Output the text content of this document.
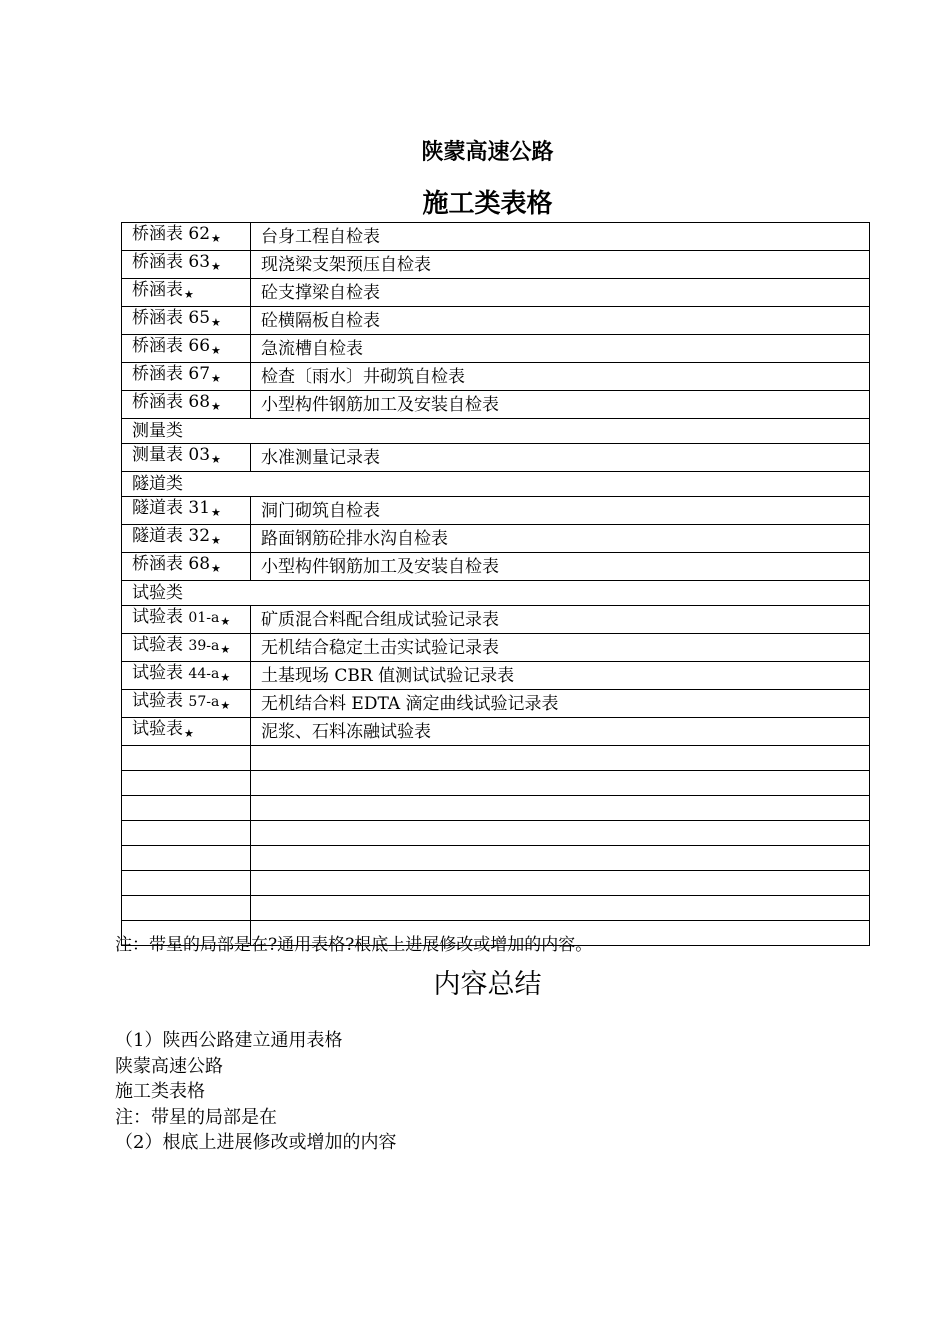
陕蒙高速公路
施工类表格
桥涵表 62★	台身工程自检表
桥涵表 63★	现浇梁支架预压自检表
桥涵表★	砼支撑梁自检表
桥涵表 65★	砼横隔板自检表
桥涵表 66★	急流槽自检表
桥涵表 67★	检查〔雨水〕井砌筑自检表
桥涵表 68★	小型构件钢筋加工及安装自检表
测量类	
测量表 03★	水准测量记录表
隧道类	
隧道表 31★	洞门砌筑自检表
隧道表 32★	路面钢筋砼排水沟自检表
桥涵表 68★	小型构件钢筋加工及安装自检表
试验类	
试验表 01-a★	矿质混合料配合组成试验记录表
试验表 39-a★	无机结合稳定土击实试验记录表
试验表 44-a★	土基现场 CBR 值测试试验记录表
试验表 57-a★	无机结合料 EDTA 滴定曲线试验记录表
试验表★	泥浆、石料冻融试验表

注：带星的局部是在?通用表格?根底上进展修改或增加的内容。
内容总结
（1）陕西公路建立通用表格
陕蒙高速公路
施工类表格
注：带星的局部是在
（2）根底上进展修改或增加的内容
